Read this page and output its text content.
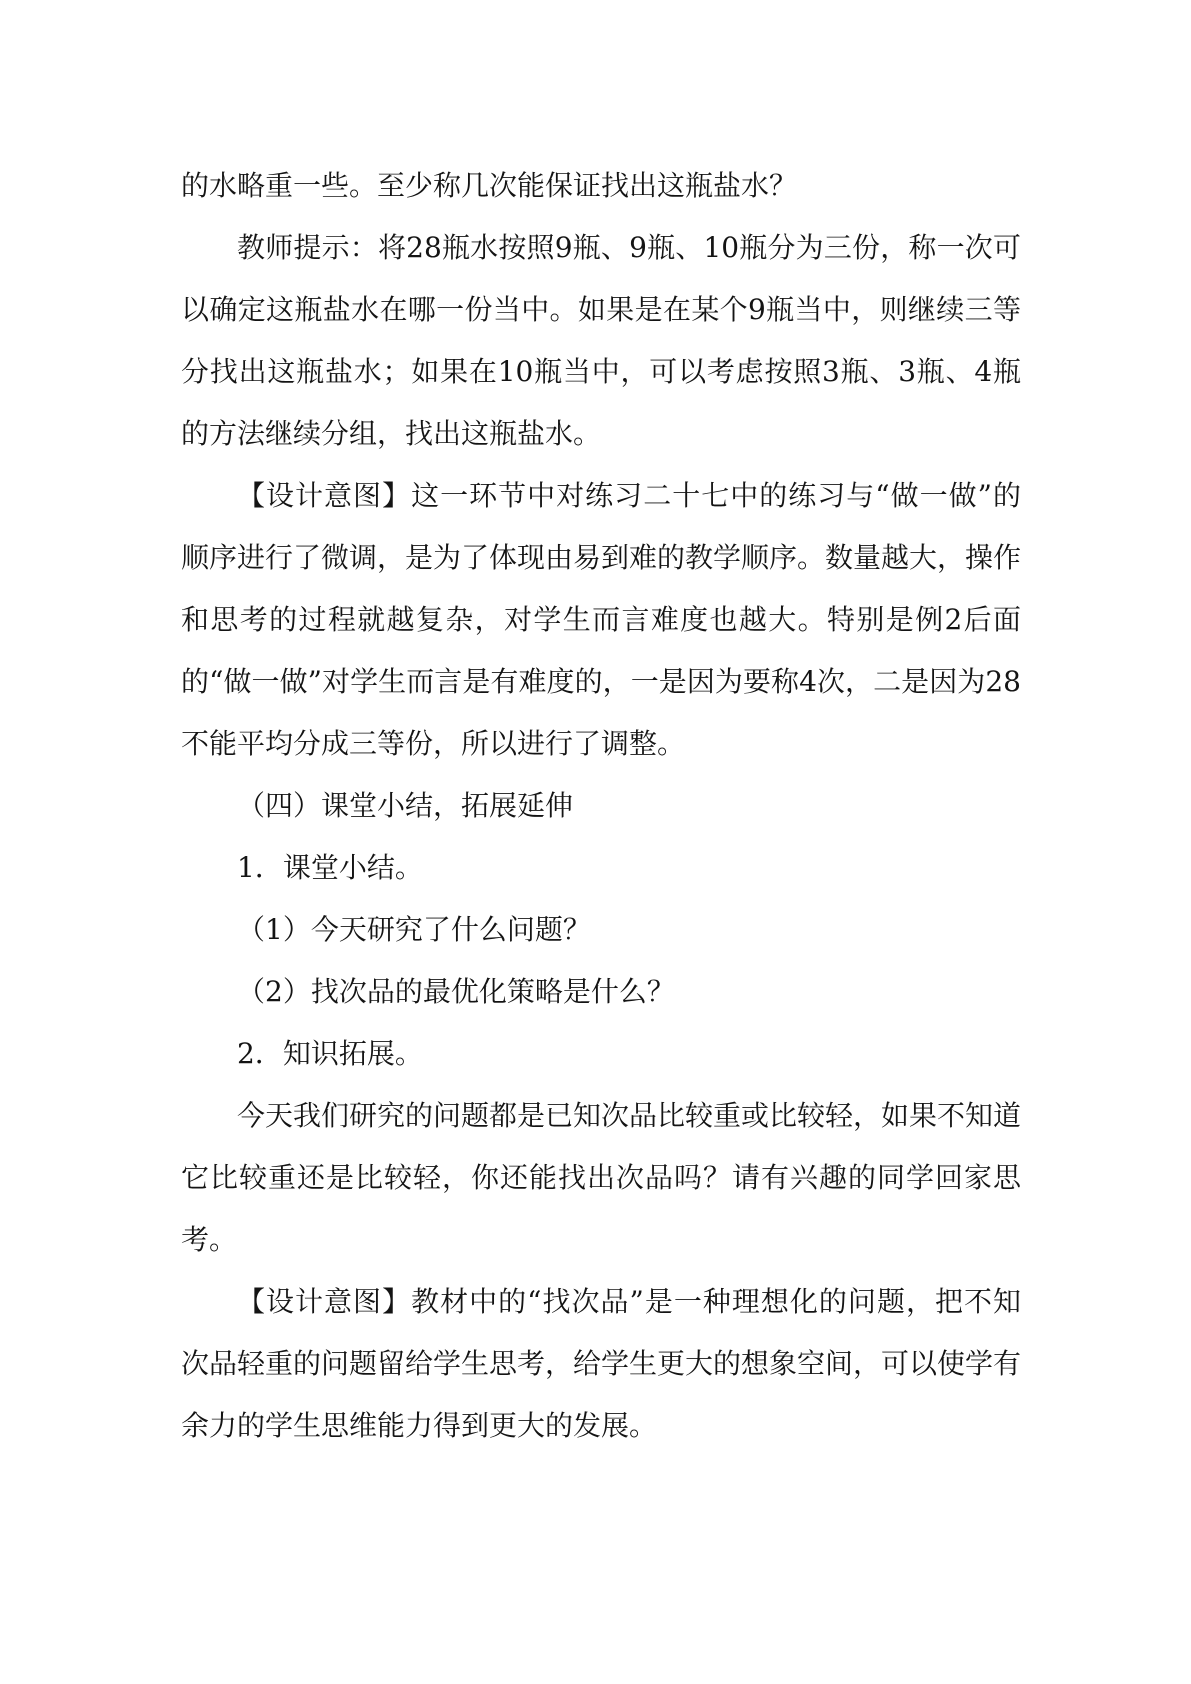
的水略重一些。至少称几次能保证找出这瓶盐水？

教师提示：将28瓶水按照9瓶、9瓶、10瓶分为三份，称一次可以确定这瓶盐水在哪一份当中。如果是在某个9瓶当中，则继续三等分找出这瓶盐水；如果在10瓶当中，可以考虑按照3瓶、3瓶、4瓶的方法继续分组，找出这瓶盐水。

【设计意图】这一环节中对练习二十七中的练习与“做一做”的顺序进行了微调，是为了体现由易到难的教学顺序。数量越大，操作和思考的过程就越复杂，对学生而言难度也越大。特别是例2后面的“做一做”对学生而言是有难度的，一是因为要称4次，二是因为28不能平均分成三等份，所以进行了调整。

（四）课堂小结，拓展延伸

1．课堂小结。

（1）今天研究了什么问题？

（2）找次品的最优化策略是什么？

2．知识拓展。

今天我们研究的问题都是已知次品比较重或比较轻，如果不知道它比较重还是比较轻，你还能找出次品吗？请有兴趣的同学回家思考。

【设计意图】教材中的“找次品”是一种理想化的问题，把不知次品轻重的问题留给学生思考，给学生更大的想象空间，可以使学有余力的学生思维能力得到更大的发展。
